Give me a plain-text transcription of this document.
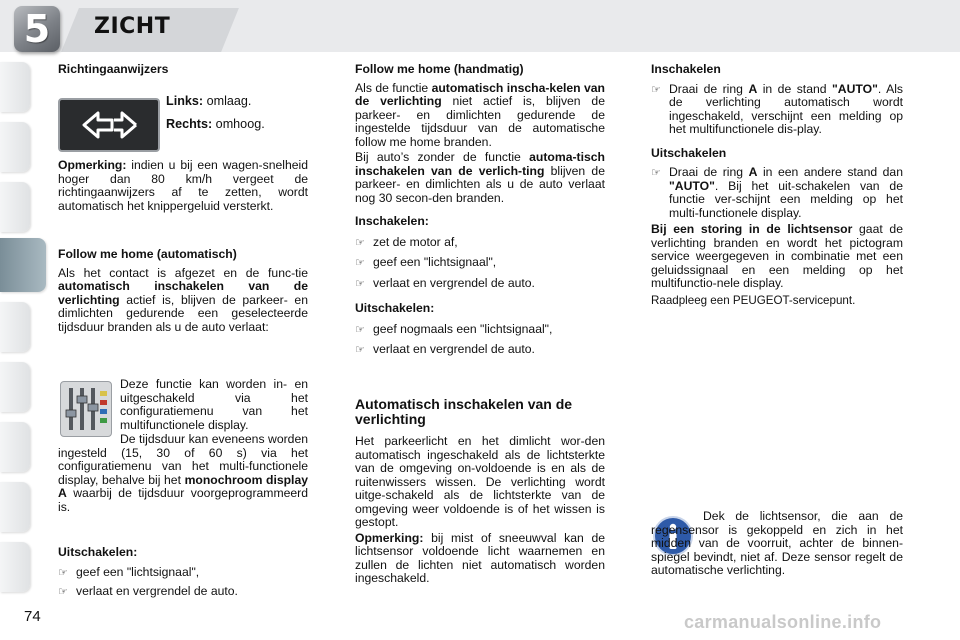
5	ZICHT

Richtingaanwijzers

Links: omlaag.

Rechts: omhoog.

Opmerking: indien u bij een wagen-snelheid hoger dan 80 km/h vergeet de richtingaanwijzers af te zetten, wordt automatisch het knippergeluid versterkt.

Follow me home (automatisch)

Als het contact is afgezet en de func-tie automatisch inschakelen van de verlichting actief is, blijven de parkeer- en dimlichten gedurende een geselecteerde tijdsduur branden als u de auto verlaat:

Deze functie kan worden in- en uitgeschakeld via het configuratiemenu van het multifunctionele display.

De tijdsduur kan eveneens worden ingesteld (15, 30 of 60 s) via het configuratiemenu van het multi-functionele display, behalve bij het monochroom display A waarbij de tijdsduur voorgeprogrammeerd is.

Uitschakelen:

☞ geef een "lichtsignaal",
☞ verlaat en vergrendel de auto.

Follow me home (handmatig)

Als de functie automatisch inscha-kelen van de verlichting niet actief is, blijven de parkeer- en dimlichten gedurende de ingestelde tijdsduur van de automatische follow me home branden.

Bij auto’s zonder de functie automa-tisch inschakelen van de verlich-ting blijven de parkeer- en dimlichten als u de auto verlaat nog 30 secon-den branden.

Inschakelen:

☞ zet de motor af,
☞ geef een "lichtsignaal",
☞ verlaat en vergrendel de auto.

Uitschakelen:

☞ geef nogmaals een "lichtsignaal",
☞ verlaat en vergrendel de auto.

Automatisch inschakelen van de verlichting

Het parkeerlicht en het dimlicht wor-den automatisch ingeschakeld als de lichtsterkte van de omgeving on-voldoende is en als de ruitenwissers wissen. De verlichting wordt uitge-schakeld als de lichtsterkte van de omgeving weer voldoende is of het wissen is gestopt.

Opmerking: bij mist of sneeuwval kan de lichtsensor voldoende licht waarnemen en zullen de lichten niet automatisch worden ingeschakeld.

Inschakelen

☞ Draai de ring A in de stand "AUTO". Als de verlichting automatisch wordt ingeschakeld, verschijnt een melding op het multifunctionele dis-play.

Uitschakelen

☞ Draai de ring A in een andere stand dan "AUTO". Bij het uit-schakelen van de functie ver-schijnt een melding op het multi-functionele display.

Bij een storing in de lichtsensor gaat de verlichting branden en wordt het pictogram service weergegeven in combinatie met een geluidssignaal en een melding op het multifunctio-nele display.

Raadpleeg een PEUGEOT-servicepunt.

Dek de lichtsensor, die aan de regensensor is gekoppeld en zich in het midden van de voorruit, achter de binnen-spiegel bevindt, niet af. Deze sensor regelt de automatische verlichting.

74	carmanualsonline.info
